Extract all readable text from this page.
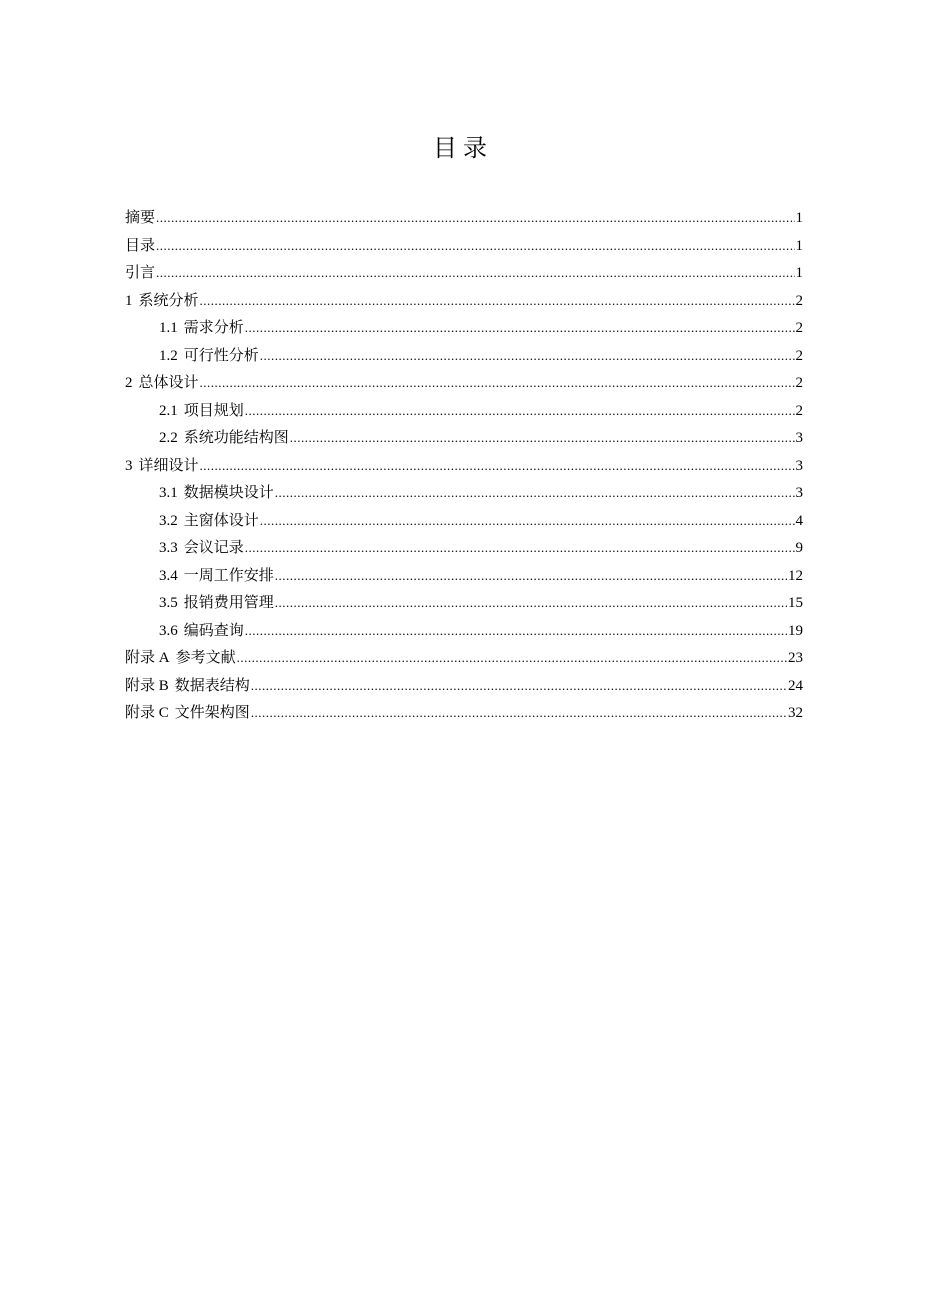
目录
摘要 .....	1
目录 .....	1
引言 .....	1
1 系统分析 .....	2
1.1 需求分析 .....	2
1.2 可行性分析 .....	2
2 总体设计 .....	2
2.1 项目规划 .....	2
2.2 系统功能结构图 .....	3
3 详细设计 .....	3
3.1 数据模块设计 .....	3
3.2 主窗体设计 .....	4
3.3 会议记录 .....	9
3.4 一周工作安排 .....	12
3.5 报销费用管理 .....	15
3.6 编码查询 .....	19
附录 A 参考文献 .....	23
附录 B 数据表结构 .....	24
附录 C 文件架构图 .....	32
